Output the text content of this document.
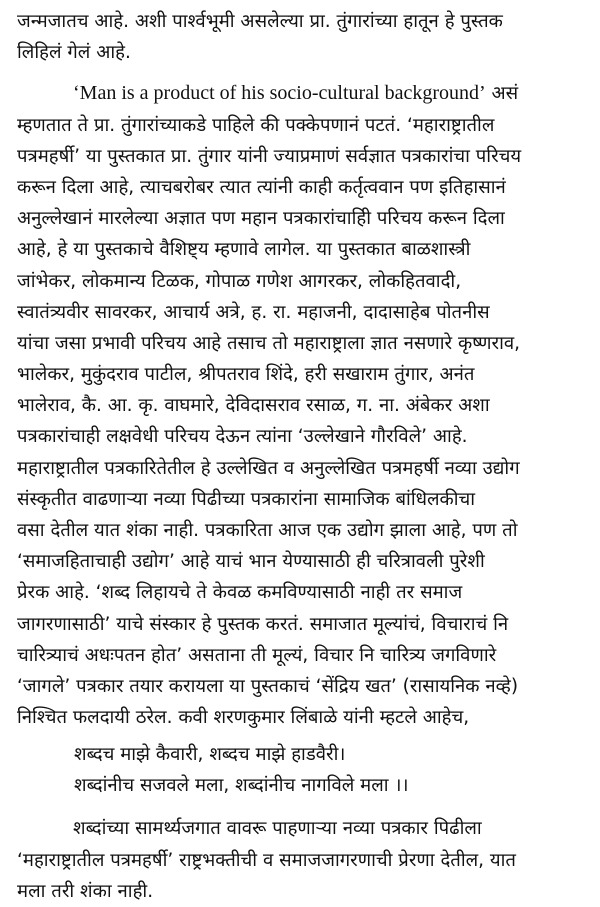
जन्मजातच आहे. अशी पार्श्वभूमी असलेल्या प्रा. तुंगारांच्या हातून हे पुस्तक
लिहिलं गेलं आहे.
‘Man is a product of his socio-cultural background’ असं
म्हणतात ते प्रा. तुंगारांच्याकडे पाहिले की पक्केपणानं पटतं. ‘महाराष्ट्रातील
पत्रमहर्षी’ या पुस्तकात प्रा. तुंगार यांनी ज्याप्रमाणं सर्वज्ञात पत्रकारांचा परिचय
करून दिला आहे, त्याचबरोबर त्यात त्यांनी काही कर्तृत्ववान पण इतिहासानं
अनुल्लेखानं मारलेल्या अज्ञात पण महान पत्रकारांचाहिी परिचय करून दिला
आहे, हे या पुस्तकाचे वैशिष्ट्य म्हणावे लागेल. या पुस्तकात बाळशास्त्री
जांभेकर, लोकमान्य टिळक, गोपाळ गणेश आगरकर, लोकहितवादी,
स्वातंत्र्यवीर सावरकर, आचार्य अत्रे, ह. रा. महाजनी, दादासाहेब पोतनीस
यांचा जसा प्रभावी परिचय आहे तसाच तो महाराष्ट्राला ज्ञात नसणारे कृष्णराव,
भालेकर, मुकुंदराव पाटील, श्रीपतराव शिंदे, हरी सखाराम तुंगार, अनंत
भालेराव, कै. आ. कृ. वाघमारे, देविदासराव रसाळ, ग. ना. अंबेकर अशा
पत्रकारांचाही लक्षवेधी परिचय देऊन त्यांना ‘उल्लेखाने गौरविले’ आहे.
महाराष्ट्रातील पत्रकारितेतील हे उल्लेखित व अनुल्लेखित पत्रमहर्षी नव्या उद्योग
संस्कृतीत वाढणाऱ्या नव्या पिढीच्या पत्रकारांना सामाजिक बांधिलकीचा
वसा देतील यात शंका नाही. पत्रकारिता आज एक उद्योग झाला आहे, पण तो
‘समाजहिताचाही उद्योग’ आहे याचं भान येण्यासाठी ही चरित्रावली पुरेशी
प्रेरक आहे. ‘शब्द लिहायचे ते केवळ कमविण्यासाठी नाही तर समाज
जागरणासाठी’ याचे संस्कार हे पुस्तक करतं. समाजात मूल्यांचं, विचाराचं नि
चारित्र्याचं अधःपतन होत’ असताना ती मूल्यं, विचार नि चारित्र्य जगविणारे
‘जागले’ पत्रकार तयार करायला या पुस्तकाचं ‘सेंद्रिय खत’ (रासायनिक नव्हे)
निश्चित फलदायी ठरेल. कवी शरणकुमार लिंबाळे यांनी म्हटले आहेच,
शब्दच माझे कैवारी, शब्दच माझे हाडवैरी।
शब्दांनीच सजवले मला, शब्दांनीच नागविले मला ।।
शब्दांच्या सामर्थ्यजगात वावरू पाहणाऱ्या नव्या पत्रकार पिढीला
‘महाराष्ट्रातील पत्रमहर्षी’ राष्ट्रभक्तीची व समाजजागरणाची प्रेरणा देतील, यात
मला तरी शंका नाही.
